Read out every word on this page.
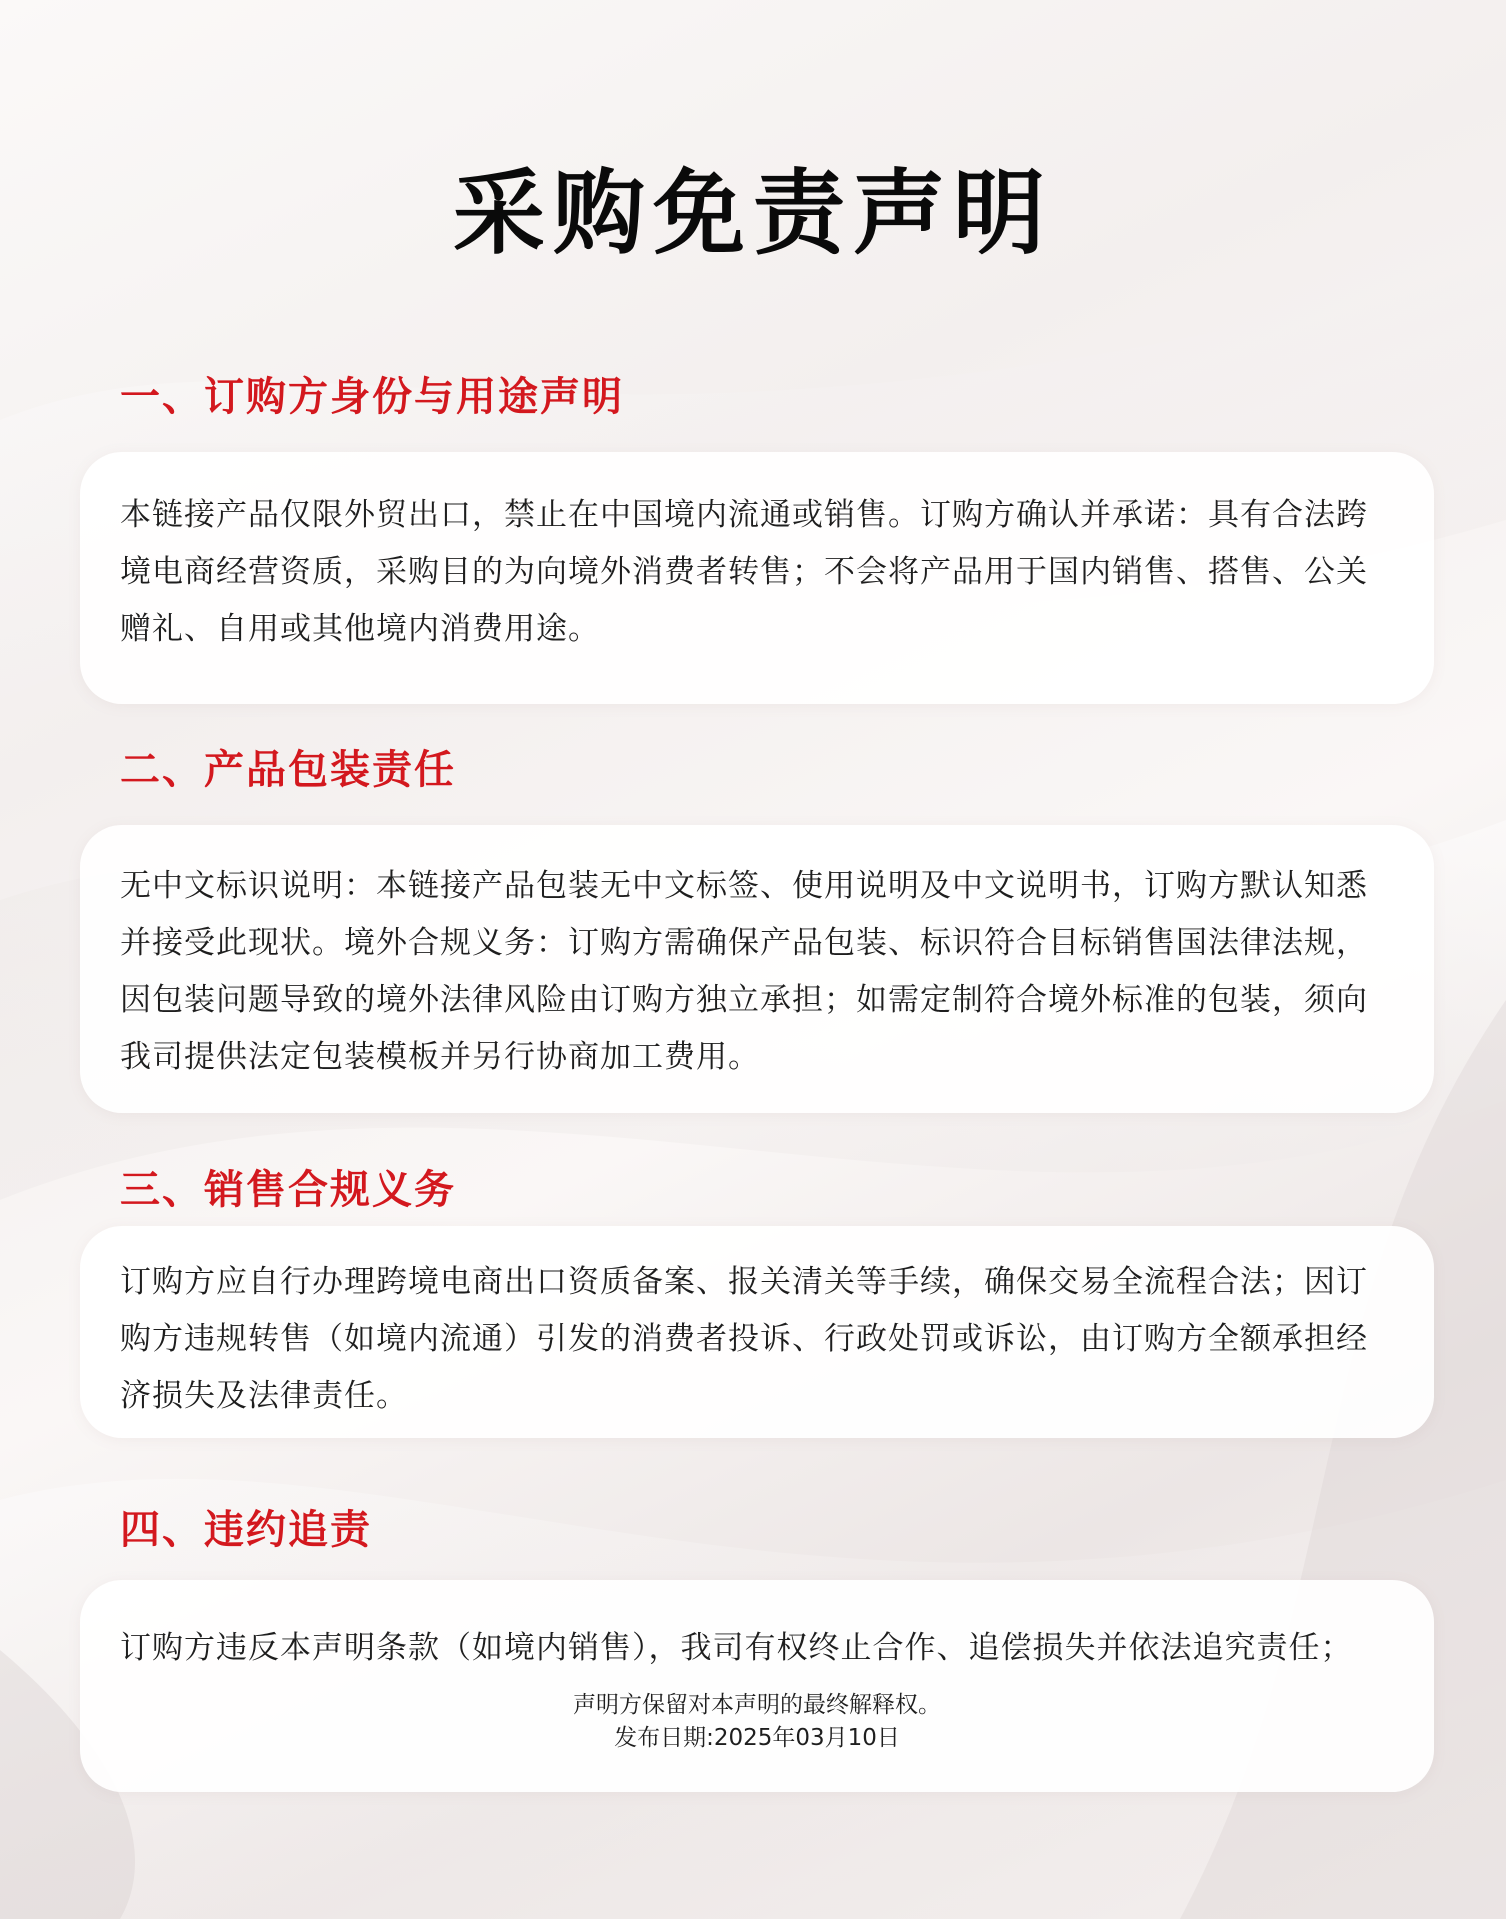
采购免责声明
一、订购方身份与用途声明

本链接产品仅限外贸出口，禁止在中国境内流通或销售。订购方确认并承诺：具有合法跨境电商经营资质，采购目的为向境外消费者转售；不会将产品用于国内销售、搭售、公关赠礼、自用或其他境内消费用途。

二、产品包装责任

无中文标识说明：本链接产品包装无中文标签、使用说明及中文说明书，订购方默认知悉并接受此现状。境外合规义务：订购方需确保产品包装、标识符合目标销售国法律法规，因包装问题导致的境外法律风险由订购方独立承担；如需定制符合境外标准的包装，须向我司提供法定包装模板并另行协商加工费用。

三、销售合规义务

订购方应自行办理跨境电商出口资质备案、报关清关等手续，确保交易全流程合法；因订购方违规转售（如境内流通）引发的消费者投诉、行政处罚或诉讼，由订购方全额承担经济损失及法律责任。

四、违约追责

订购方违反本声明条款（如境内销售），我司有权终止合作、追偿损失并依法追究责任；

声明方保留对本声明的最终解释权。
发布日期:2025年03月10日
